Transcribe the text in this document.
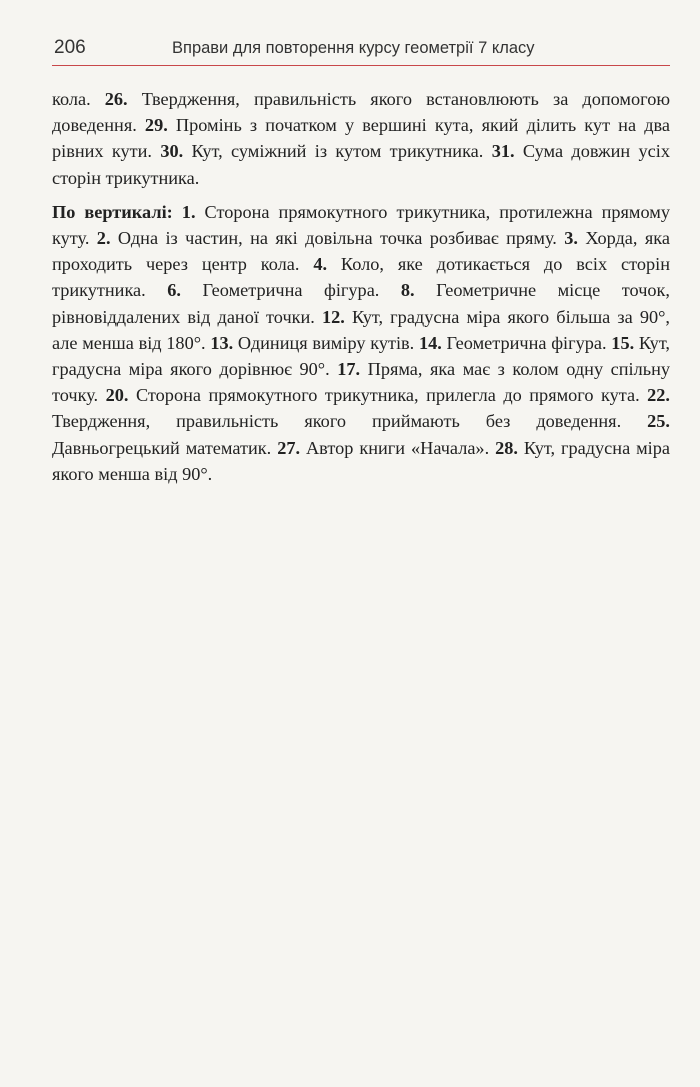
206	Вправи для повторення курсу геометрії 7 класу

кола. 26. Твердження, правильність якого встановлюють за допомогою доведення. 29. Промінь з початком у вершині кута, який ділить кут на два рівних кути. 30. Кут, суміжний із кутом трикутника. 31. Сума довжин усіх сторін трикутника.

По вертикалі: 1. Сторона прямокутного трикутника, протилежна прямому куту. 2. Одна із частин, на які довільна точка розбиває пряму. 3. Хорда, яка проходить через центр кола. 4. Коло, яке дотикається до всіх сторін трикутника. 6. Геометрична фігура. 8. Геометричне місце точок, рівновіддалених від даної точки. 12. Кут, градусна міра якого більша за 90°, але менша від 180°. 13. Одиниця виміру кутів. 14. Геометрична фігура. 15. Кут, градусна міра якого дорівнює 90°. 17. Пряма, яка має з колом одну спільну точку. 20. Сторона прямокутного трикутника, прилегла до прямого кута. 22. Твердження, правильність якого приймають без доведення. 25. Давньогрецький математик. 27. Автор книги «Начала». 28. Кут, градусна міра якого менша від 90°.
